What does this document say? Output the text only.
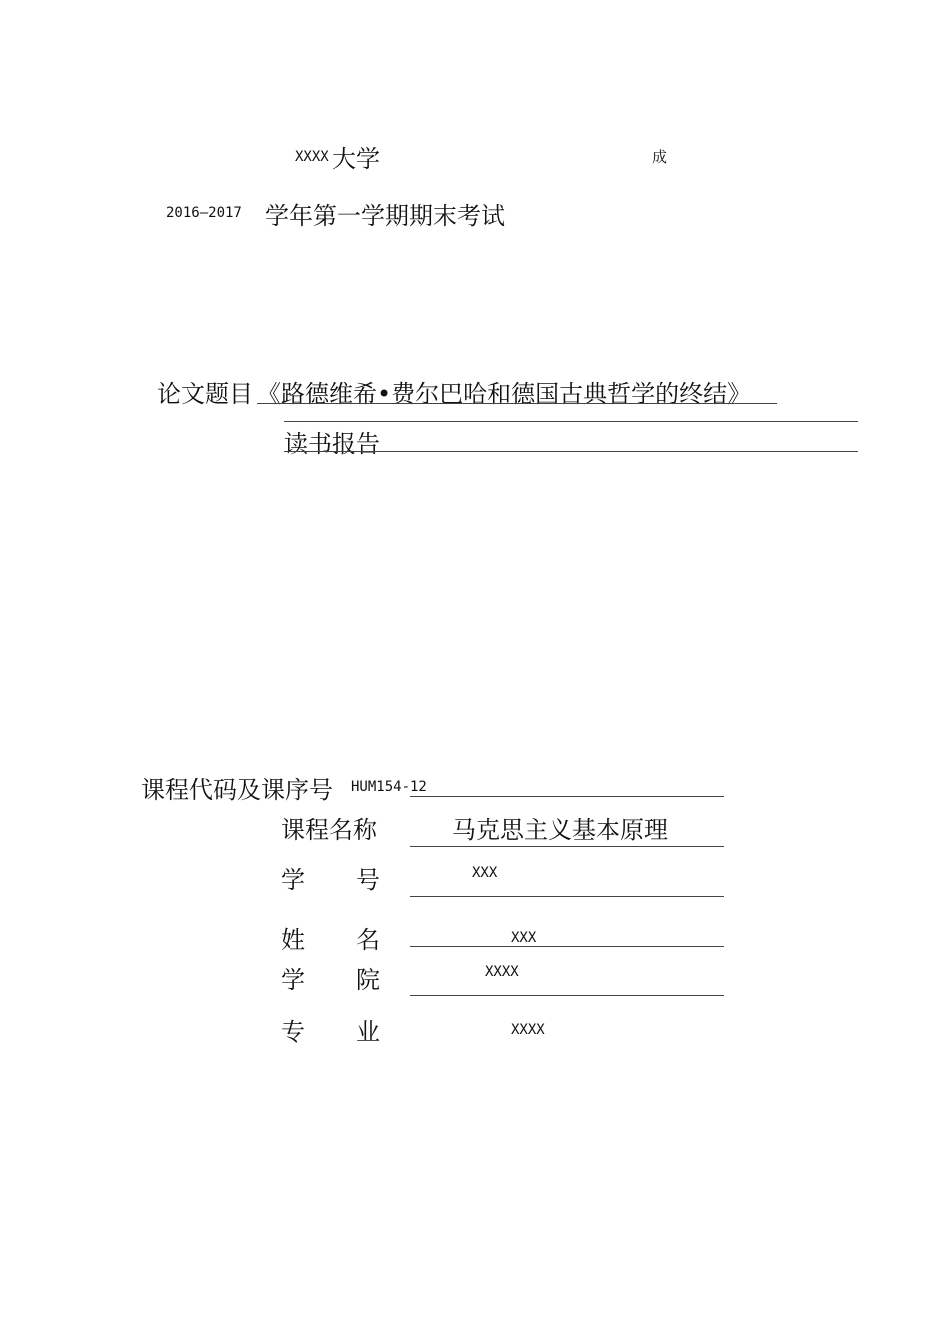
XXXX 大学	成
2016—2017 学年第一学期期末考试
论文题目 《路德维希•费尔巴哈和德国古典哲学的终结》
读书报告
课程代码及课序号 HUM154-12
课程名称	马克思主义基本原理
学 号	XXX
姓 名	XXX
学 院	XXXX
专 业	XXXX
